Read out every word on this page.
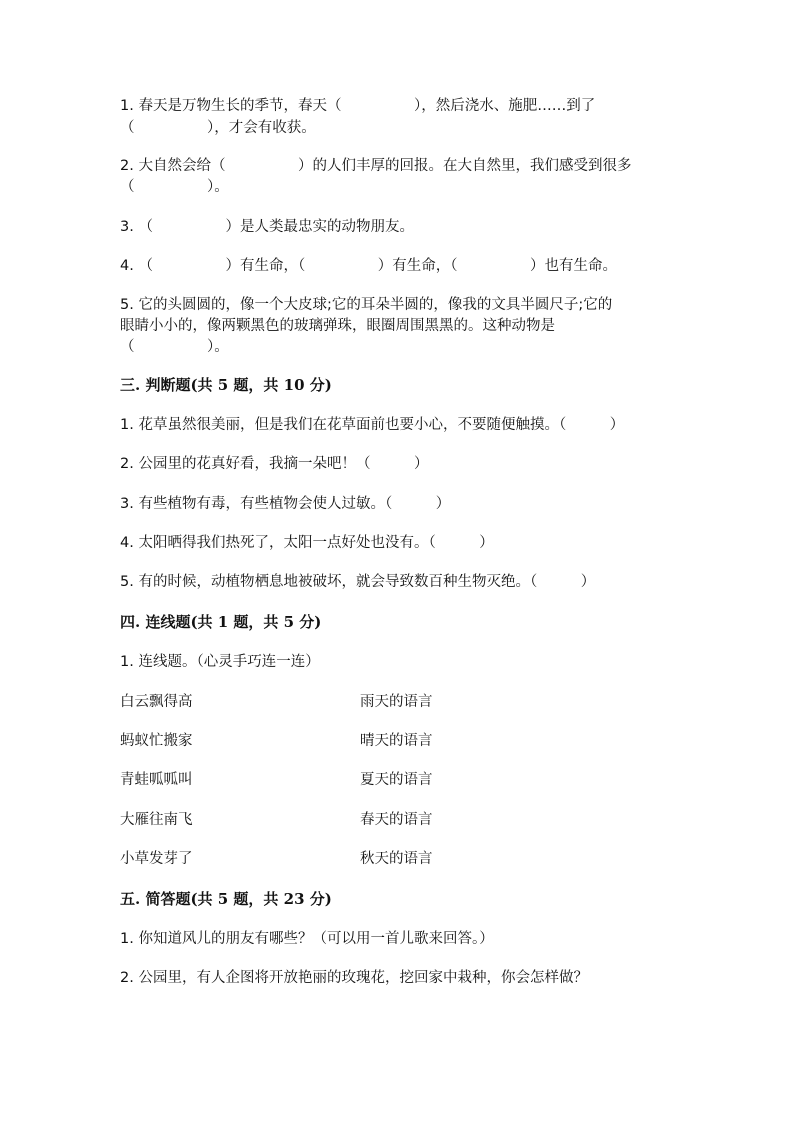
1. 春天是万物生长的季节，春天（　　　　　），然后浇水、施肥……到了
（　　　　　），才会有收获。
2. 大自然会给（　　　　　）的人们丰厚的回报。在大自然里，我们感受到很多
（　　　　　）。
3. （　　　　　）是人类最忠实的动物朋友。
4. （　　　　　）有生命，（　　　　　）有生命，（　　　　　）也有生命。
5. 它的头圆圆的，像一个大皮球;它的耳朵半圆的，像我的文具半圆尺子;它的
眼睛小小的，像两颗黑色的玻璃弹珠，眼圈周围黑黑的。这种动物是
（　　　　　）。
三. 判断题(共 5 题，共 10 分)
1. 花草虽然很美丽，但是我们在花草面前也要小心，不要随便触摸。（　　　）
2. 公园里的花真好看，我摘一朵吧！（　　　）
3. 有些植物有毒，有些植物会使人过敏。（　　　）
4. 太阳晒得我们热死了，太阳一点好处也没有。（　　　）
5. 有的时候，动植物栖息地被破坏，就会导致数百种生物灭绝。（　　　）
四. 连线题(共 1 题，共 5 分)
1. 连线题。（心灵手巧连一连）
白云飘得高	雨天的语言
蚂蚁忙搬家	晴天的语言
青蛙呱呱叫	夏天的语言
大雁往南飞	春天的语言
小草发芽了	秋天的语言
五. 简答题(共 5 题，共 23 分)
1. 你知道风儿的朋友有哪些？（可以用一首儿歌来回答。）
2. 公园里，有人企图将开放艳丽的玫瑰花，挖回家中栽种，你会怎样做？
